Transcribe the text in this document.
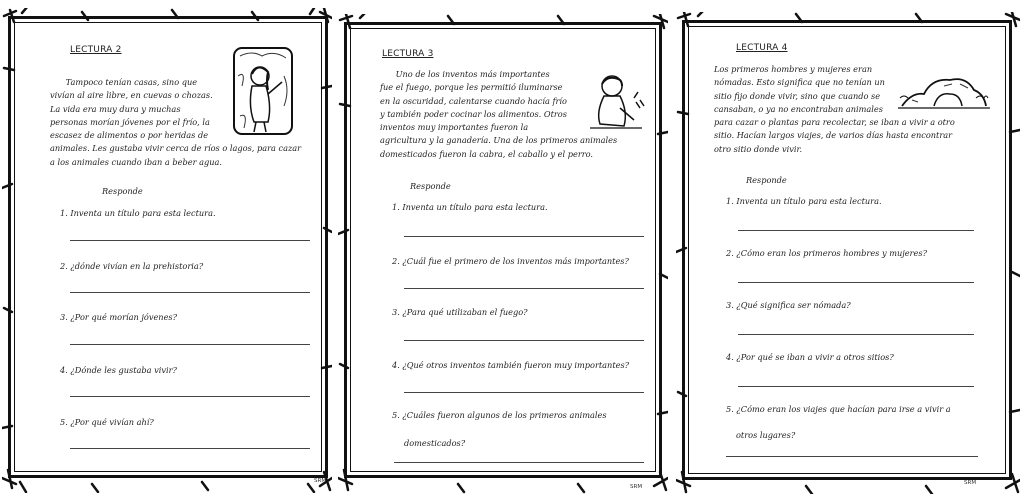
LECTURA 2
Tampoco tenían casas, sino que
vivían al aire libre, en cuevas o chozas.
La vida era muy dura y muchas
personas morían jóvenes por el frío, la
escasez de alimentos o por heridas de
animales. Les gustaba vivir cerca de ríos o lagos, para cazar
a los animales cuando iban a beber agua.
Responde
1. Inventa un título para esta lectura.
2. ¿dónde vivían en la prehistoria?
3. ¿Por qué morían jóvenes?
4. ¿Dónde les gustaba vivir?
5. ¿Por qué vivían ahí?
SRM
LECTURA 3
Uno de los inventos más importantes
fue el fuego, porque les permitió iluminarse
en la oscuridad, calentarse cuando hacía frío
y también poder cocinar los alimentos. Otros
inventos muy importantes fueron la
agricultura y la ganadería. Una de los primeros animales
domesticados fueron la cabra, el caballo y el perro.
Responde
1. Inventa un título para esta lectura.
2. ¿Cuál fue el primero de los inventos más importantes?
3. ¿Para qué utilizaban el fuego?
4. ¿Qué otros inventos también fueron muy importantes?
5. ¿Cuáles fueron algunos de los primeros animales
domesticados?
SRM
LECTURA 4
Los primeros hombres y mujeres eran
nómadas. Esto significa que no tenían un
sitio fijo donde vivir, sino que cuando se
cansaban, o ya no encontraban animales
para cazar o plantas para recolectar, se iban a vivir a otro
sitio. Hacían largos viajes, de varios días hasta encontrar
otro sitio donde vivir.
Responde
1. Inventa un título para esta lectura.
2. ¿Cómo eran los primeros hombres y mujeres?
3. ¿Qué significa ser nómada?
4. ¿Por qué se iban a vivir a otros sitios?
5. ¿Cómo eran los viajes que hacían para irse a vivir a
otros lugares?
SRM
